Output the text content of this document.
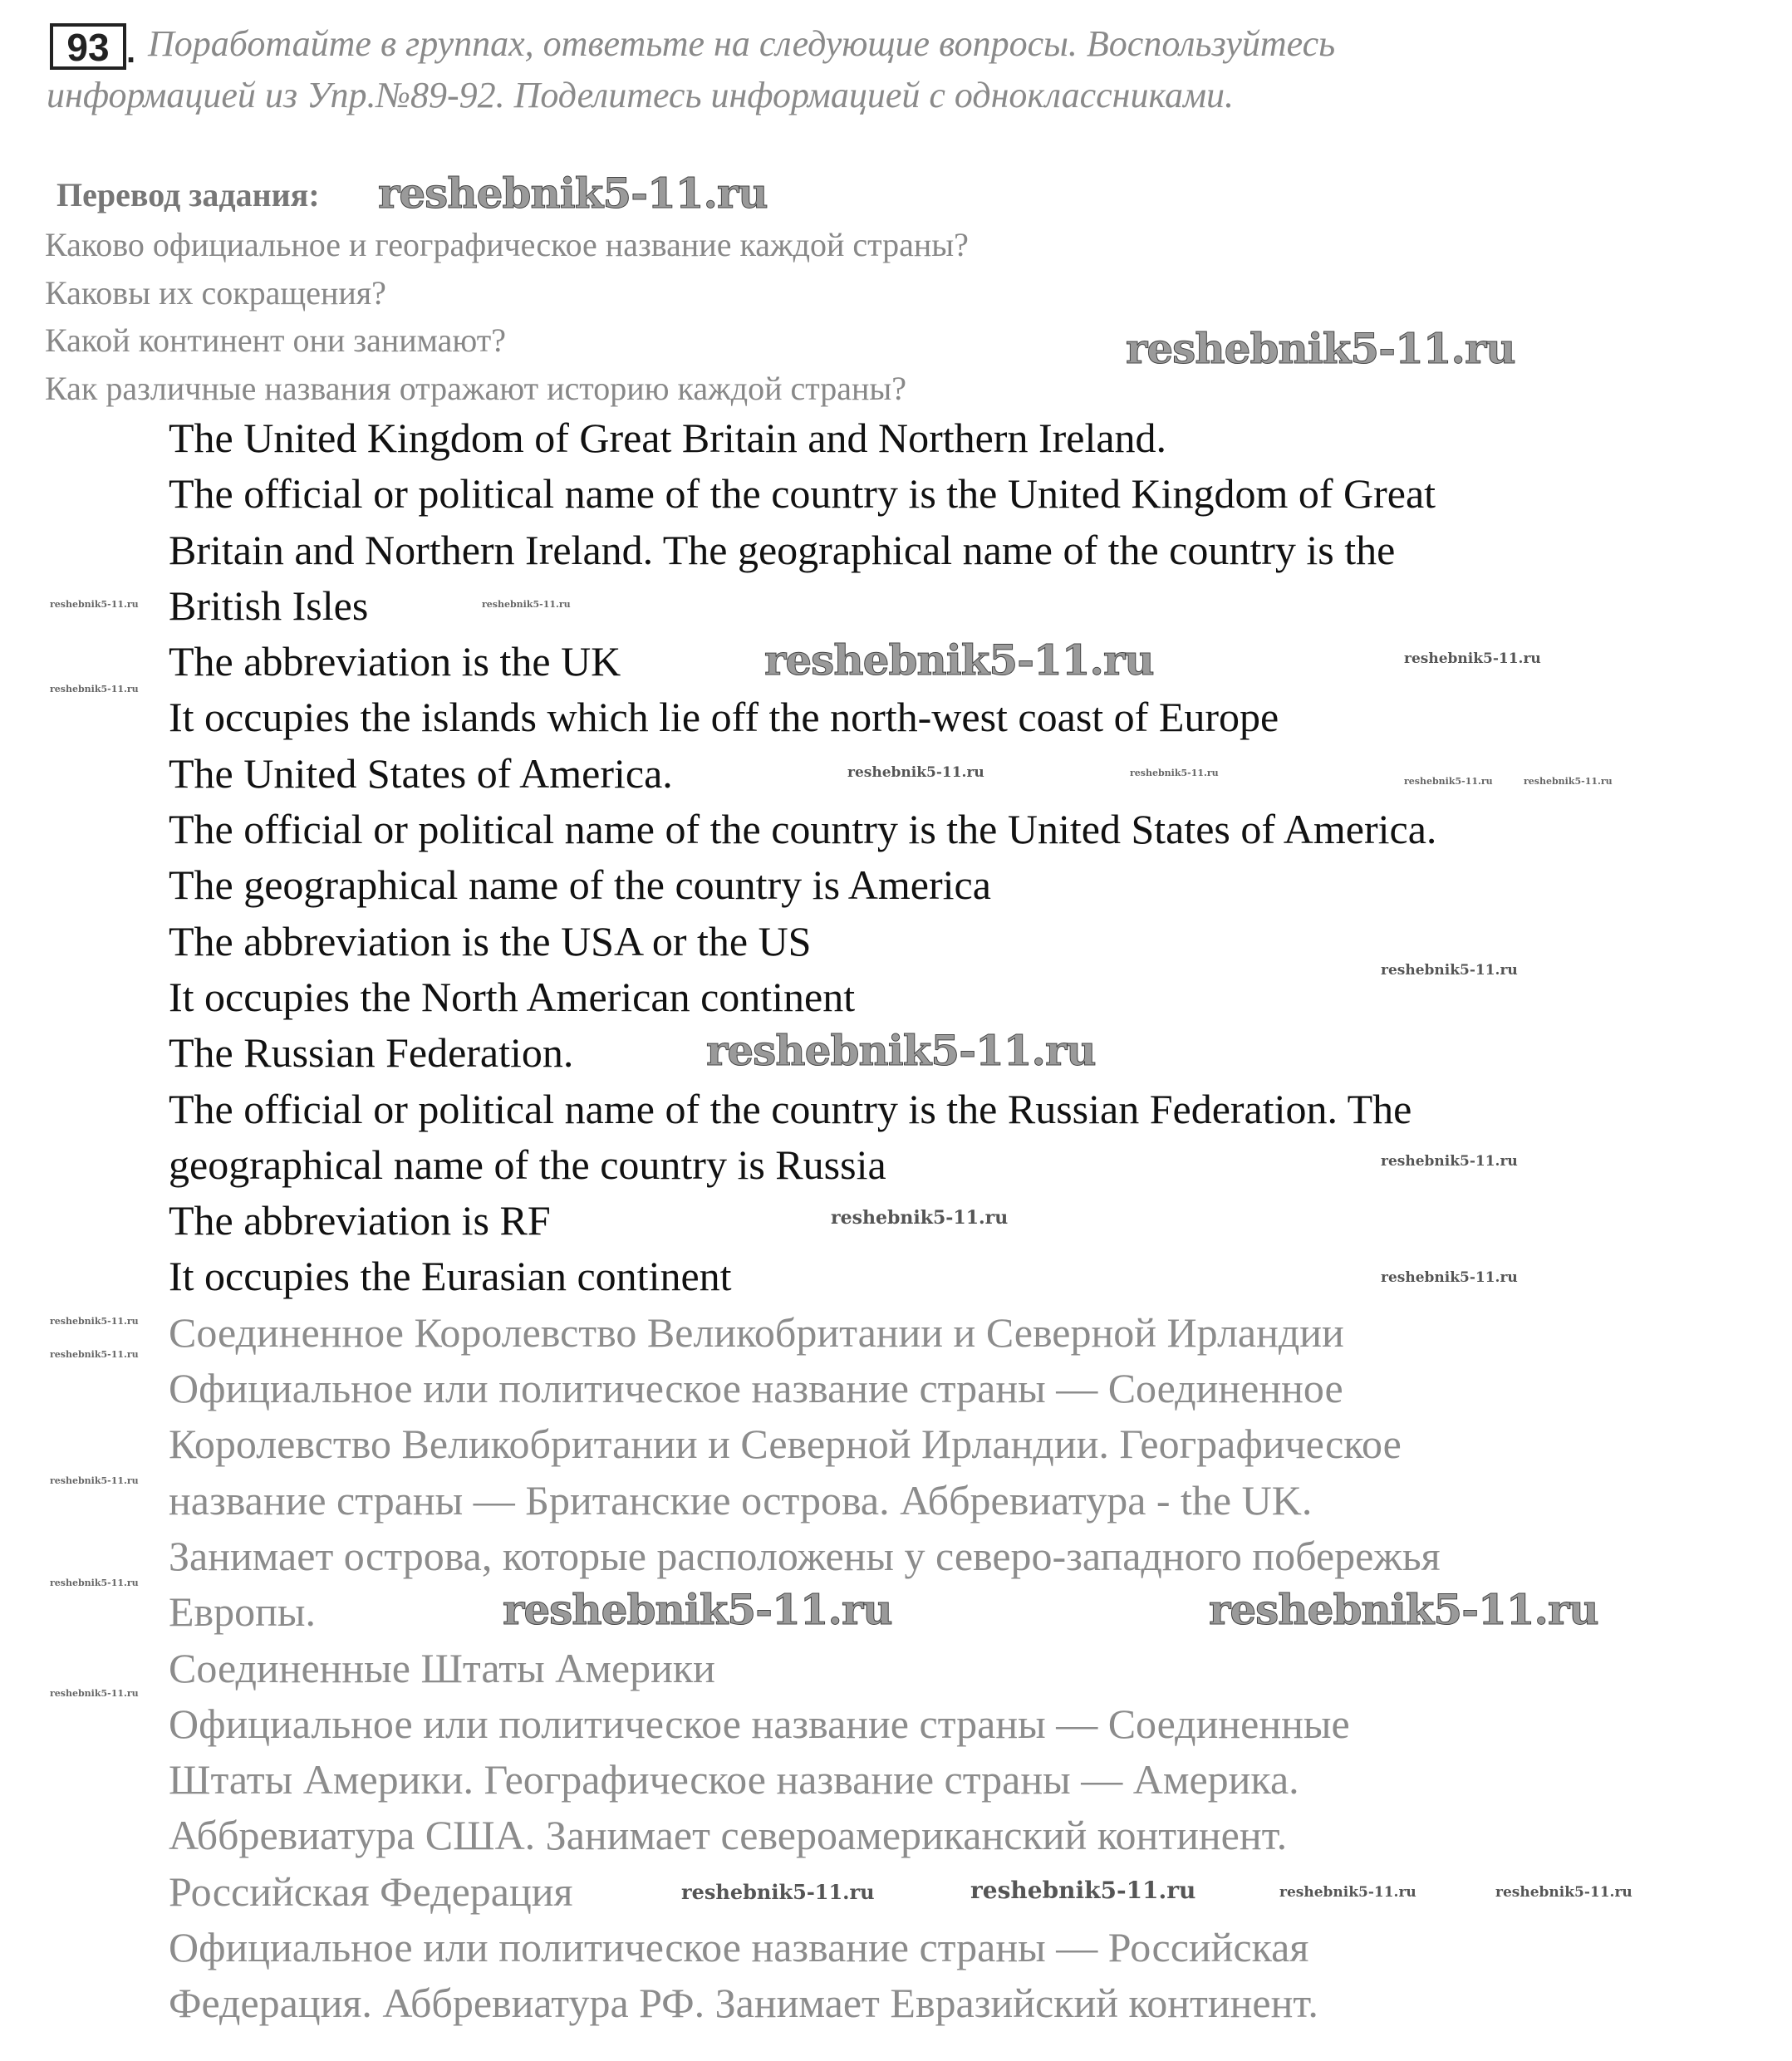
93 . Поработайте в группах, ответьте на следующие вопросы. Воспользуйтесь
информацией из Упр.№89-92. Поделитесь информацией с одноклассниками.
Перевод задания:
Каково официальное и географическое название каждой страны?
Каковы их сокращения?
Какой континент они занимают?
Как различные названия отражают историю каждой страны?
The United Kingdom of Great Britain and Northern Ireland.
The official or political name of the country is the United Kingdom of Great
Britain and Northern Ireland. The geographical name of the country is the
British Isles
The abbreviation is the UK
It occupies the islands which lie off the north-west coast of Europe
The United States of America.
The official or political name of the country is the United States of America.
The geographical name of the country is America
The abbreviation is the USA or the US
It occupies the North American continent
The Russian Federation.
The official or political name of the country is the Russian Federation. The
geographical name of the country is Russia
The abbreviation is RF
It occupies the Eurasian continent
Соединенное Королевство Великобритании и Северной Ирландии
Официальное или политическое название страны — Соединенное
Королевство Великобритании и Северной Ирландии. Географическое
название страны — Британские острова. Аббревиатура - the UK.
Занимает острова, которые расположены у северо-западного побережья
Европы.
Соединенные Штаты Америки
Официальное или политическое название страны — Соединенные
Штаты Америки. Географическое название страны — Америка.
Аббревиатура США. Занимает североамериканский континент.
Российская Федерация
Официальное или политическое название страны — Российская
Федерация. Аббревиатура РФ. Занимает Евразийский континент.
reshebnik5-11.ru
reshebnik5-11.ru
reshebnik5-11.ru
reshebnik5-11.ru
reshebnik5-11.ru	reshebnik5-11.ru
reshebnik5-11.ru
reshebnik5-11.ru
reshebnik5-11.ru
reshebnik5-11.ru
reshebnik5-11.ru
reshebnik5-11.ru
reshebnik5-11.ru
reshebnik5-11.ru	reshebnik5-11.ru	reshebnik5-11.ru
reshebnik5-11.ru	reshebnik5-11.ru
reshebnik5-11.ru
reshebnik5-11.ru
reshebnik5-11.ru	reshebnik5-11.ru
reshebnik5-11.ru
reshebnik5-11.ru
reshebnik5-11.ru
reshebnik5-11.ru
reshebnik5-11.ru
